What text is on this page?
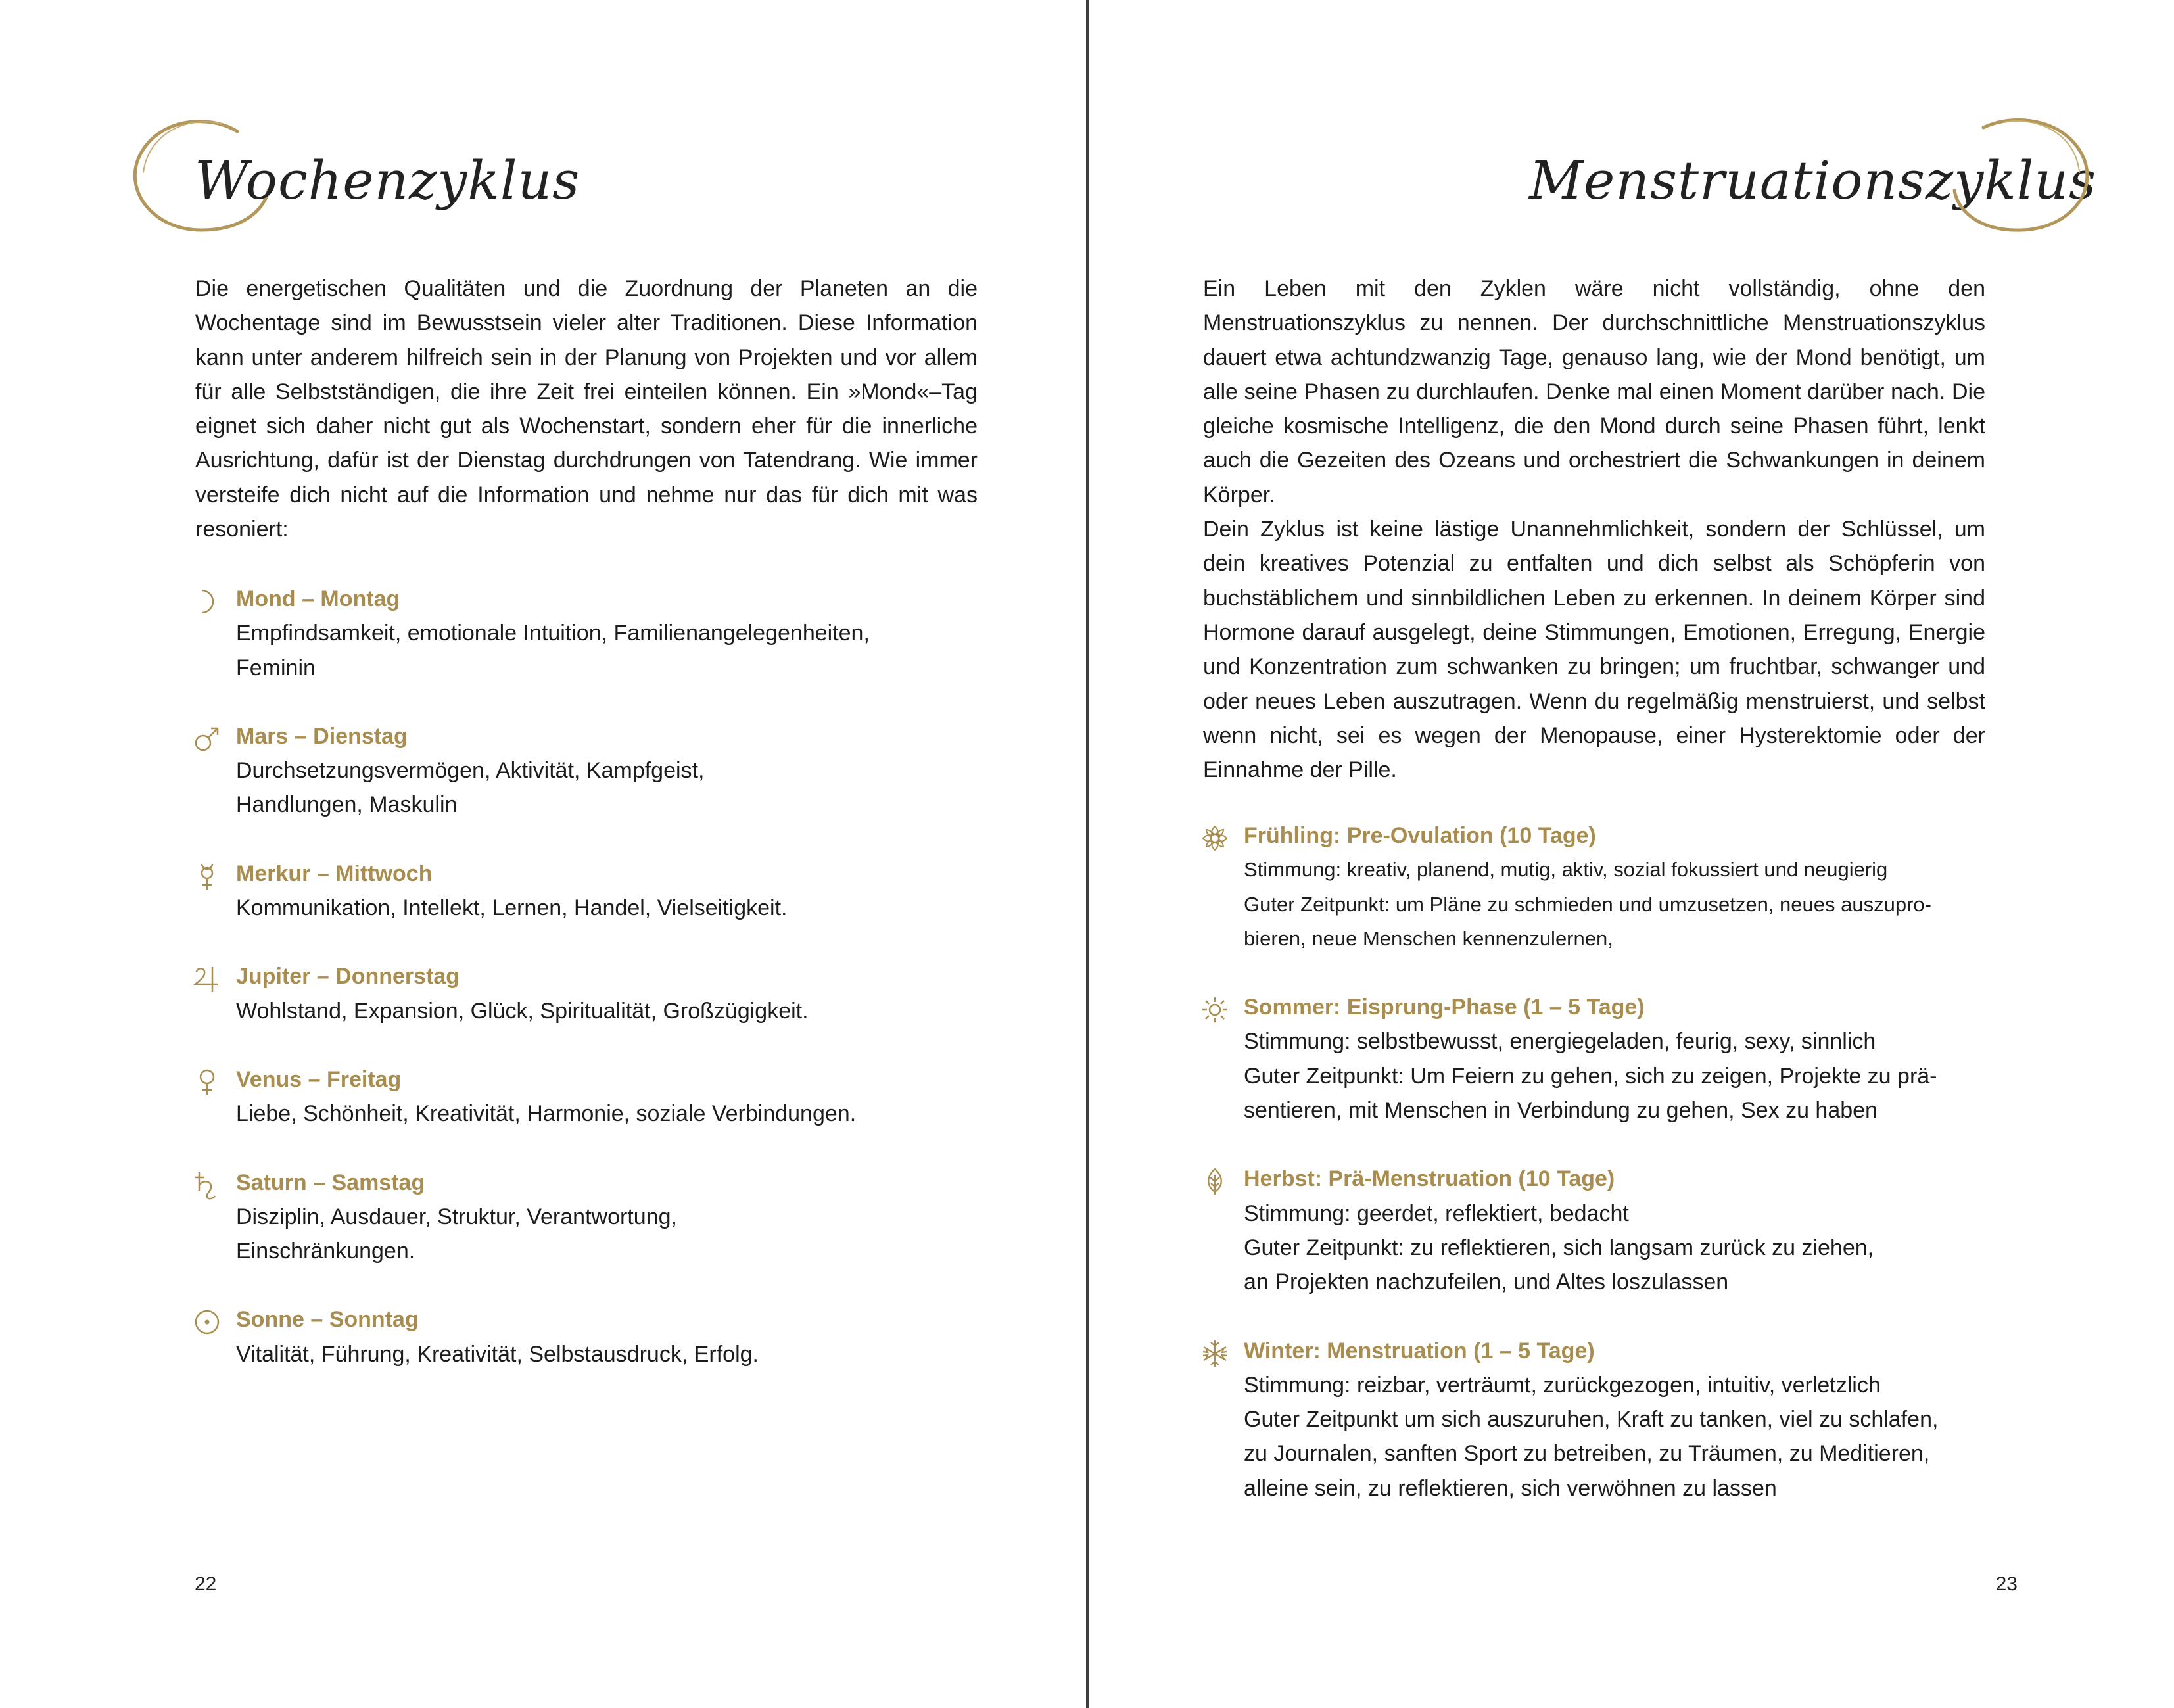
Wochenzyklus

Die energetischen Qualitäten und die Zuordnung der Planeten an die Wochentage sind im Bewusstsein vieler alter Traditionen. Diese Information kann unter anderem hilfreich sein in der Planung von Projekten und vor allem für alle Selbstständigen, die ihre Zeit frei einteilen können. Ein »Mond«–Tag eignet sich daher nicht gut als Wochenstart, sondern eher für die innerliche Ausrichtung, dafür ist der Dienstag durchdrungen von Tatendrang. Wie immer versteife dich nicht auf die Information und nehme nur das für dich mit was resoniert:

Mond – Montag
Empfindsamkeit, emotionale Intuition, Familienangelegenheiten,
Feminin
Mars – Dienstag
Durchsetzungsvermögen, Aktivität, Kampfgeist,
Handlungen, Maskulin
Merkur – Mittwoch
Kommunikation, Intellekt, Lernen, Handel, Vielseitigkeit.
Jupiter – Donnerstag
Wohlstand, Expansion, Glück, Spiritualität, Großzügigkeit.
Venus – Freitag
Liebe, Schönheit, Kreativität, Harmonie, soziale Verbindungen.
Saturn – Samstag
Disziplin, Ausdauer, Struktur, Verantwortung,
Einschränkungen.
Sonne – Sonntag
Vitalität, Führung, Kreativität, Selbstausdruck, Erfolg.
22
Menstruationszyklus

Ein Leben mit den Zyklen wäre nicht vollständig, ohne den Menstruationszyklus zu nennen. Der durchschnittliche Menstruationszyklus dauert etwa achtundzwanzig Tage, genauso lang, wie der Mond benötigt, um alle seine Phasen zu durchlaufen. Denke mal einen Moment darüber nach. Die gleiche kosmische Intelligenz, die den Mond durch seine Phasen führt, lenkt auch die Gezeiten des Ozeans und orchestriert die Schwankungen in deinem Körper.

Dein Zyklus ist keine lästige Unannehmlichkeit, sondern der Schlüssel, um dein kreatives Potenzial zu entfalten und dich selbst als Schöpferin von buchstäblichem und sinnbildlichen Leben zu erkennen. In deinem Körper sind Hormone darauf ausgelegt, deine Stimmungen, Emotionen, Erregung, Energie und Konzentration zum schwanken zu bringen; um fruchtbar, schwanger und oder neues Leben auszutragen. Wenn du regelmäßig menstruierst, und selbst wenn nicht, sei es wegen der Menopause, einer Hysterektomie oder der Einnahme der Pille.

Frühling: Pre-Ovulation (10 Tage)
Stimmung: kreativ, planend, mutig, aktiv, sozial fokussiert und neugierig
Guter Zeitpunkt: um Pläne zu schmieden und umzusetzen, neues auszupro-
bieren, neue Menschen kennenzulernen,
Sommer: Eisprung-Phase (1 – 5 Tage)
Stimmung: selbstbewusst, energiegeladen, feurig, sexy, sinnlich
Guter Zeitpunkt: Um Feiern zu gehen, sich zu zeigen, Projekte zu prä-
sentieren, mit Menschen in Verbindung zu gehen, Sex zu haben
Herbst: Prä-Menstruation (10 Tage)
Stimmung: geerdet, reflektiert, bedacht
Guter Zeitpunkt: zu reflektieren, sich langsam zurück zu ziehen,
an Projekten nachzufeilen, und Altes loszulassen
Winter: Menstruation (1 – 5 Tage)
Stimmung: reizbar, verträumt, zurückgezogen, intuitiv, verletzlich
Guter Zeitpunkt um sich auszuruhen, Kraft zu tanken, viel zu schlafen,
zu Journalen, sanften Sport zu betreiben, zu Träumen, zu Meditieren,
alleine sein, zu reflektieren, sich verwöhnen zu lassen
23
